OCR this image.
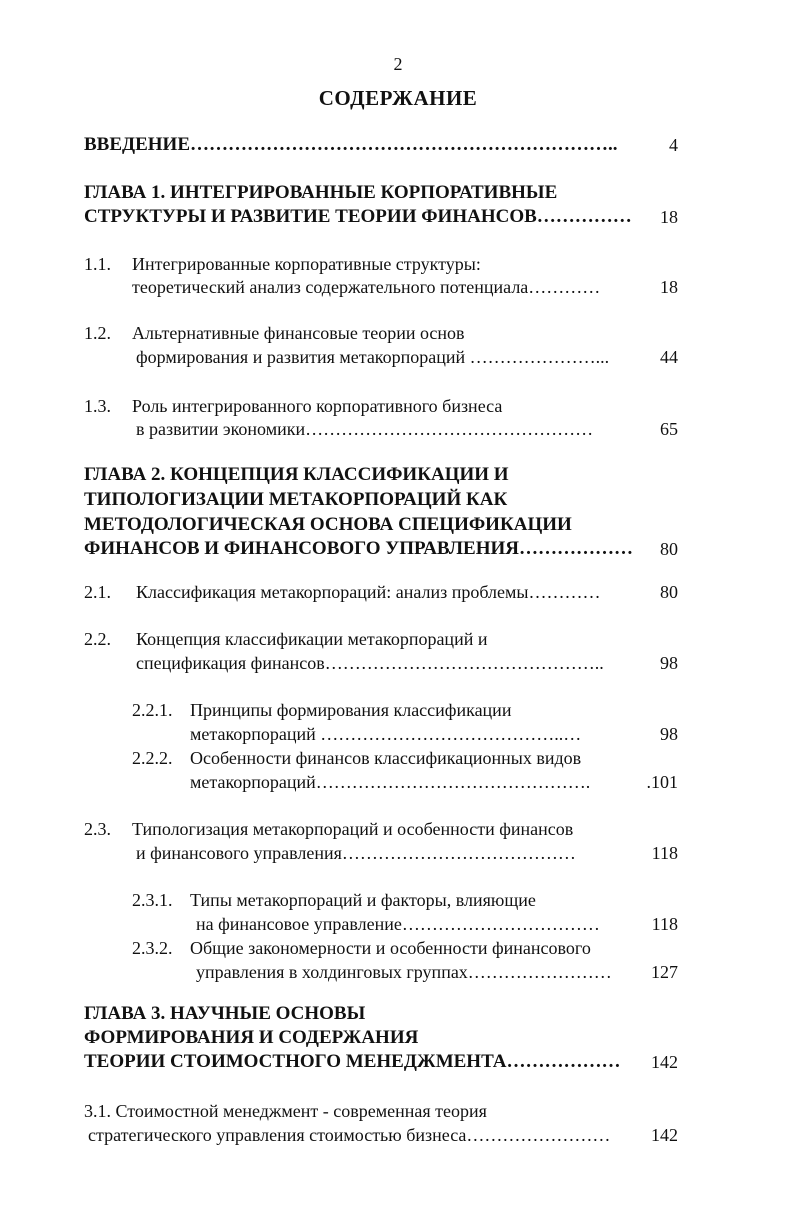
2
СОДЕРЖАНИЕ
ВВЕДЕНИЕ…………………………………………………………..	4
ГЛАВА 1. ИНТЕГРИРОВАННЫЕ КОРПОРАТИВНЫЕ
СТРУКТУРЫ И РАЗВИТИЕ ТЕОРИИ ФИНАНСОВ…………… 18
1.1. Интегрированные корпоративные структуры:
теоретический анализ содержательного потенциала…………	18
1.2. Альтернативные финансовые теории основ
формирования и развития метакорпораций …………………...	44
1.3. Роль интегрированного корпоративного бизнеса
в развитии экономики…………………………………………	65
ГЛАВА 2. КОНЦЕПЦИЯ КЛАССИФИКАЦИИ И
ТИПОЛОГИЗАЦИИ МЕТАКОРПОРАЦИЙ КАК
МЕТОДОЛОГИЧЕСКАЯ ОСНОВА СПЕЦИФИКАЦИИ
ФИНАНСОВ И ФИНАНСОВОГО УПРАВЛЕНИЯ……………… 80
2.1. Классификация метакорпораций: анализ проблемы…………	80
2.2. Концепция классификации метакорпораций и
спецификация финансов………………………………………..	98
2.2.1. Принципы формирования классификации
метакорпораций …………………………………..…	98
2.2.2. Особенности финансов классификационных видов
метакорпораций……………………………………….	.101
2.3. Типологизация метакорпораций и особенности финансов
и финансового управления…………………………………	118
2.3.1. Типы метакорпораций и факторы, влияющие
на финансовое управление……………………………	118
2.3.2. Общие закономерности и особенности финансового
управления в холдинговых группах…………………… 127
ГЛАВА 3. НАУЧНЫЕ ОСНОВЫ
ФОРМИРОВАНИЯ И СОДЕРЖАНИЯ
ТЕОРИИ СТОИМОСТНОГО МЕНЕДЖМЕНТА……………… 142
3.1. Стоимостной менеджмент - современная теория
стратегического управления стоимостью бизнеса…………………… 142
